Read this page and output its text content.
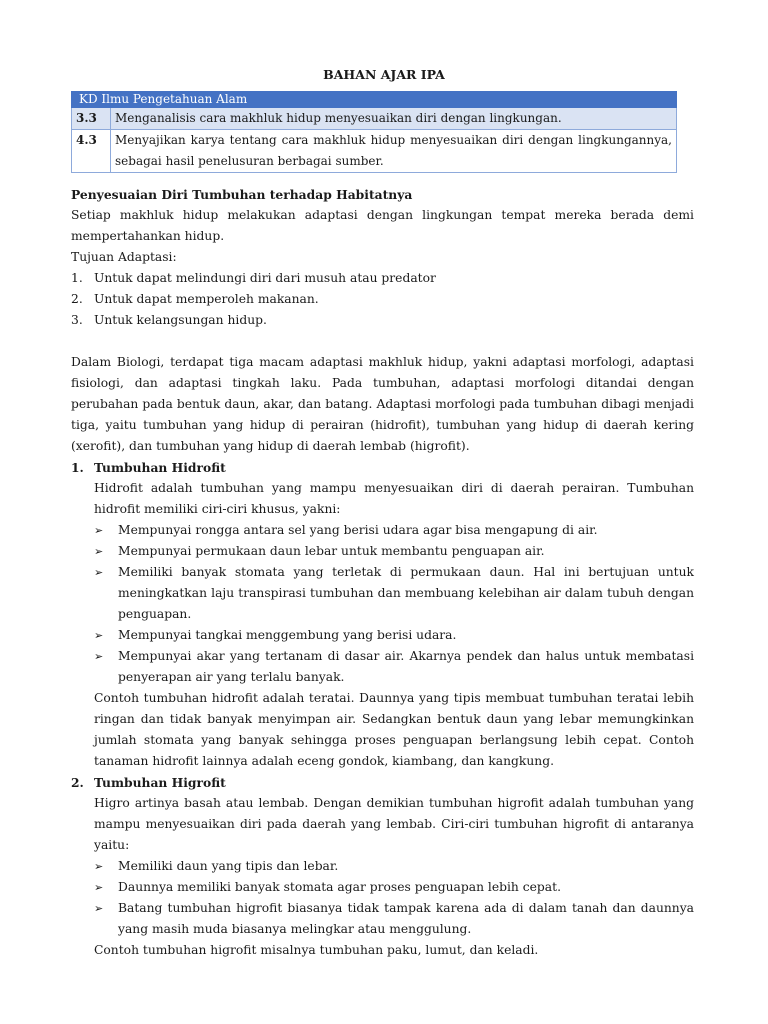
BAHAN AJAR IPA
KD Ilmu Pengetahuan Alam	
3.3	Menganalisis cara makhluk hidup menyesuaikan diri dengan lingkungan.
4.3	Menyajikan karya tentang cara makhluk hidup menyesuaikan diri dengan lingkungannya, sebagai hasil penelusuran berbagai sumber.

Penyesuaian Diri Tumbuhan terhadap Habitatnya

Setiap makhluk hidup melakukan adaptasi dengan lingkungan tempat mereka berada demi mempertahankan hidup.

Tujuan Adaptasi:

1. Untuk dapat melindungi diri dari musuh atau predator
2. Untuk dapat memperoleh makanan.
3. Untuk kelangsungan hidup.

Dalam Biologi, terdapat tiga macam adaptasi makhluk hidup, yakni adaptasi morfologi, adaptasi fisiologi, dan adaptasi tingkah laku. Pada tumbuhan, adaptasi morfologi ditandai dengan perubahan pada bentuk daun, akar, dan batang. Adaptasi morfologi pada tumbuhan dibagi menjadi tiga, yaitu tumbuhan yang hidup di perairan (hidrofit), tumbuhan yang hidup di daerah kering (xerofit), dan tumbuhan yang hidup di daerah lembab (higrofit).

1. Tumbuhan Hidrofit

Hidrofit adalah tumbuhan yang mampu menyesuaikan diri di daerah perairan. Tumbuhan hidrofit memiliki ciri-ciri khusus, yakni:

➢ Mempunyai rongga antara sel yang berisi udara agar bisa mengapung di air.
➢ Mempunyai permukaan daun lebar untuk membantu penguapan air.
➢ Memiliki banyak stomata yang terletak di permukaan daun. Hal ini bertujuan untuk meningkatkan laju transpirasi tumbuhan dan membuang kelebihan air dalam tubuh dengan penguapan.
➢ Mempunyai tangkai menggembung yang berisi udara.
➢ Mempunyai akar yang tertanam di dasar air. Akarnya pendek dan halus untuk membatasi penyerapan air yang terlalu banyak.

Contoh tumbuhan hidrofit adalah teratai. Daunnya yang tipis membuat tumbuhan teratai lebih ringan dan tidak banyak menyimpan air. Sedangkan bentuk daun yang lebar memungkinkan jumlah stomata yang banyak sehingga proses penguapan berlangsung lebih cepat. Contoh tanaman hidrofit lainnya adalah eceng gondok, kiambang, dan kangkung.

2. Tumbuhan Higrofit

Higro artinya basah atau lembab. Dengan demikian tumbuhan higrofit adalah tumbuhan yang mampu menyesuaikan diri pada daerah yang lembab. Ciri-ciri tumbuhan higrofit di antaranya yaitu:

➢ Memiliki daun yang tipis dan lebar.
➢ Daunnya memiliki banyak stomata agar proses penguapan lebih cepat.
➢ Batang tumbuhan higrofit biasanya tidak tampak karena ada di dalam tanah dan daunnya yang masih muda biasanya melingkar atau menggulung.

Contoh tumbuhan higrofit misalnya tumbuhan paku, lumut, dan keladi.
